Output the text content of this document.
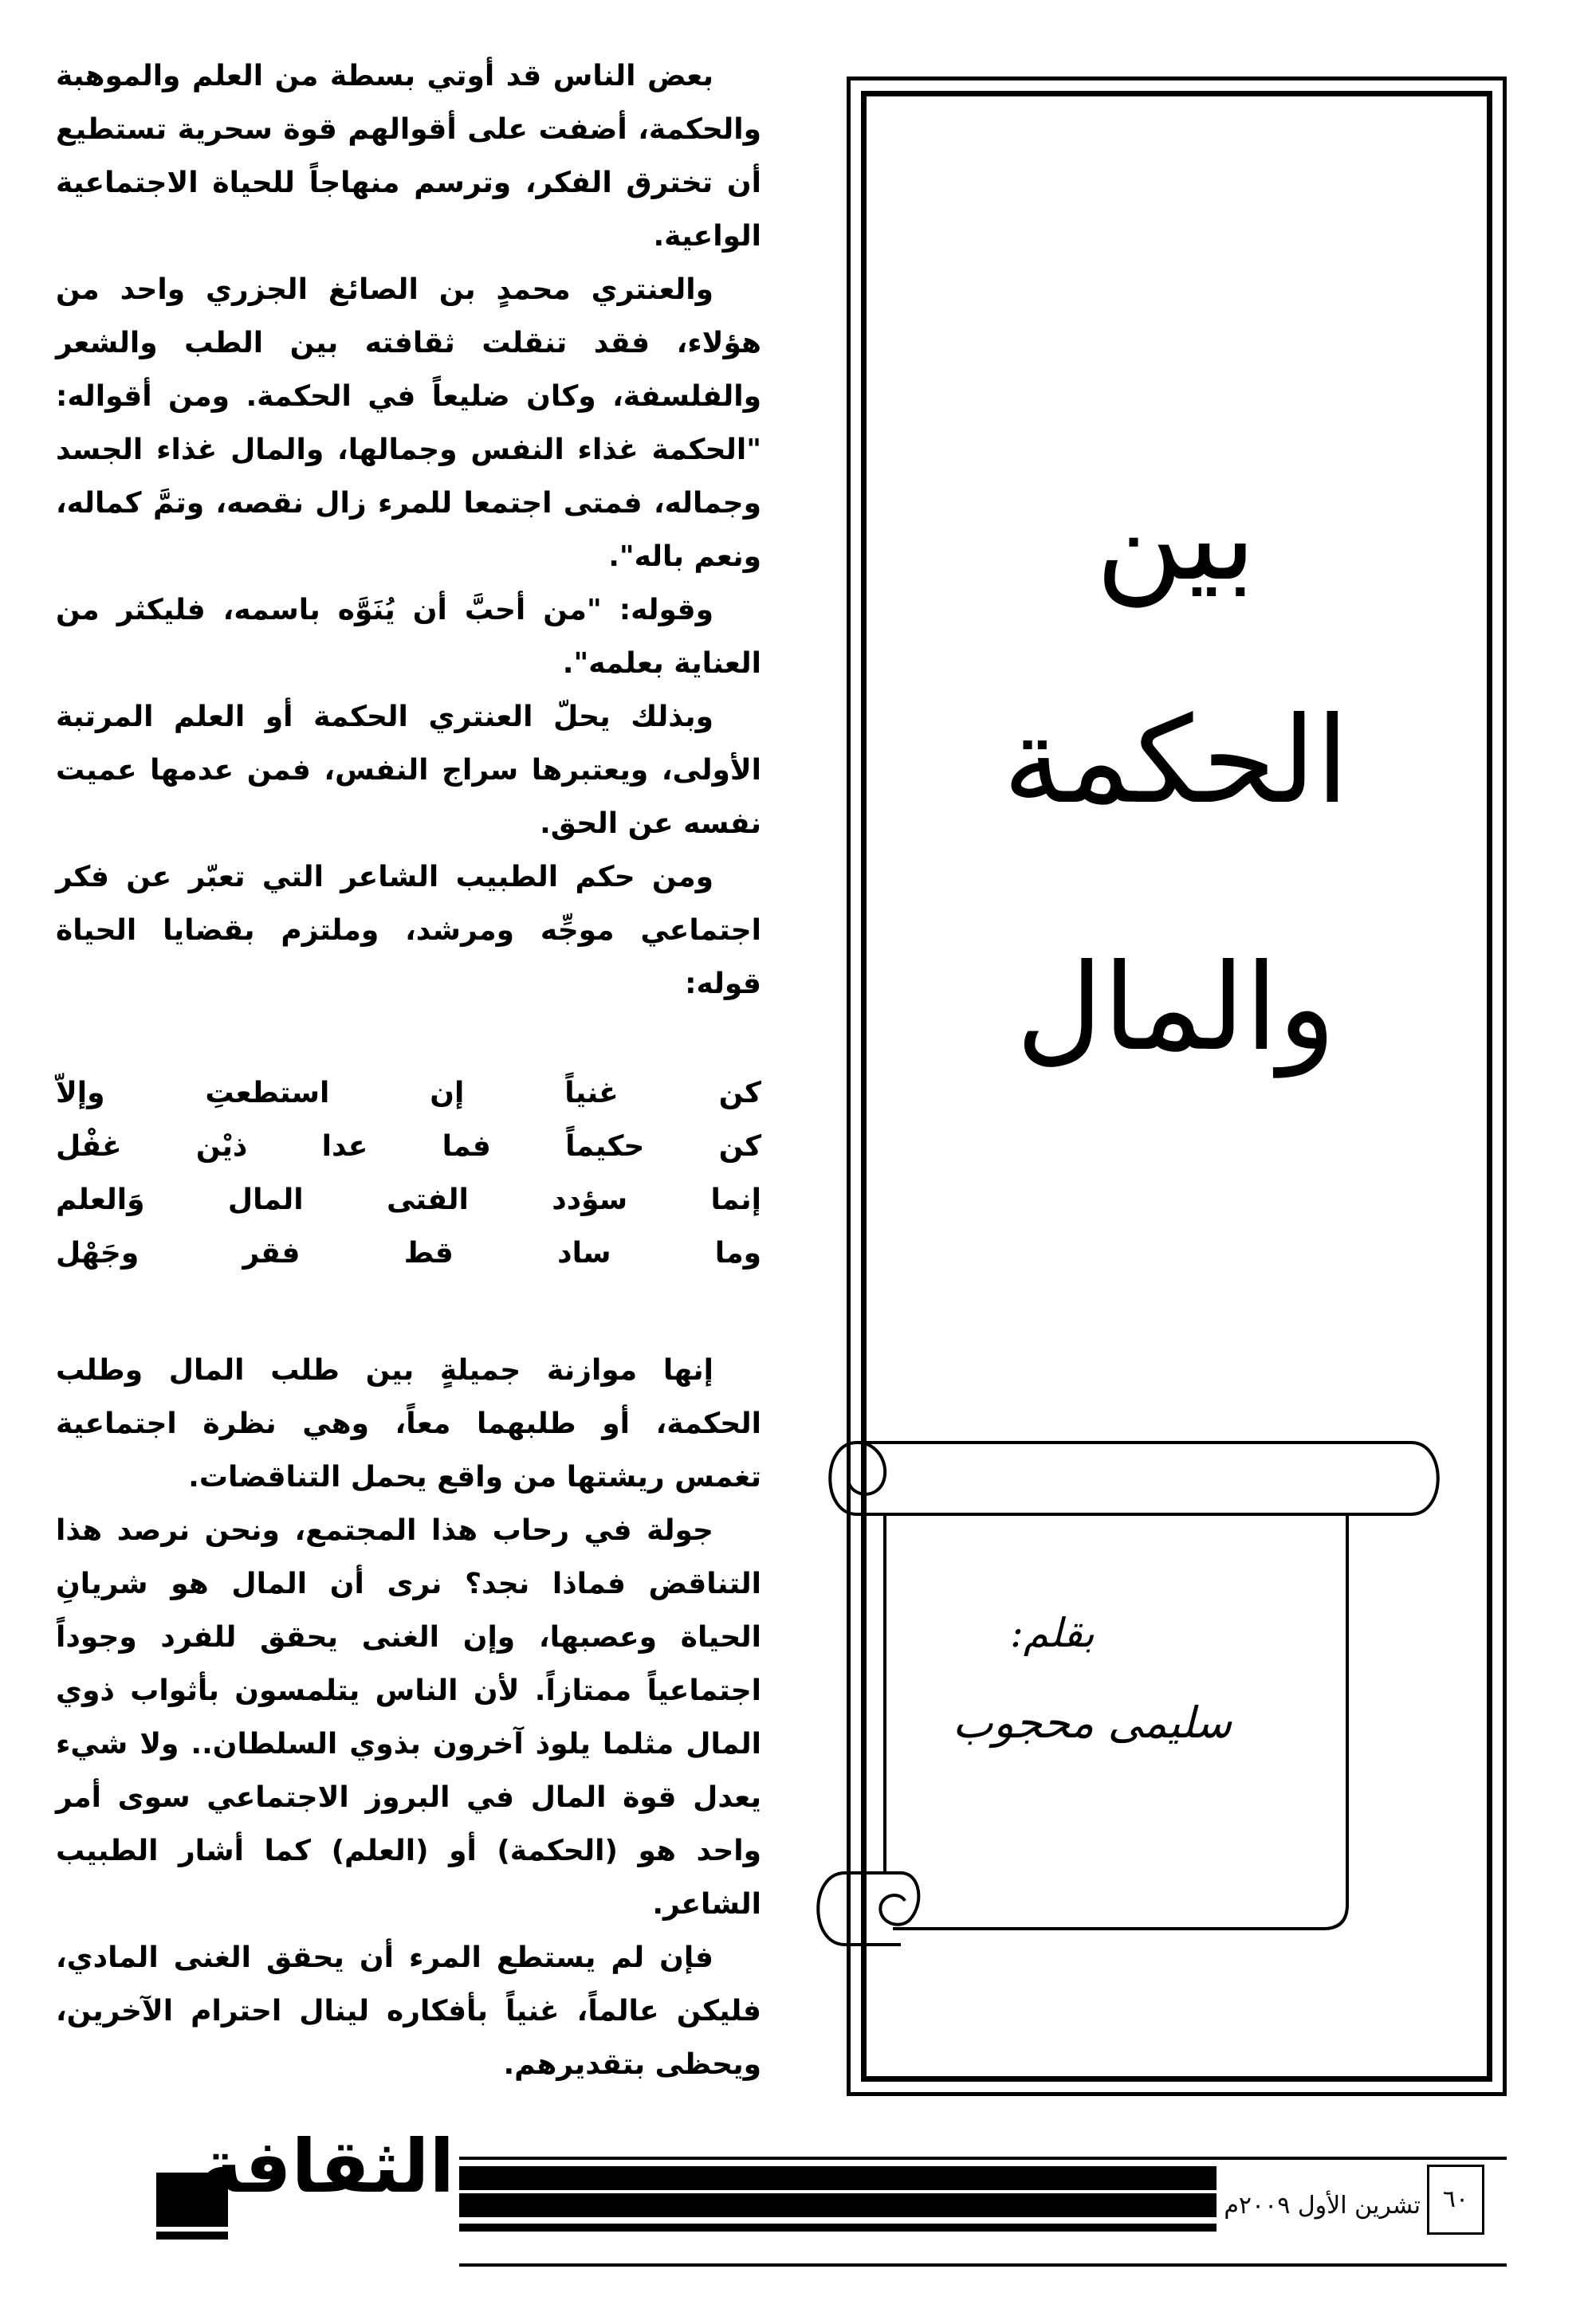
بين
الحكمة
والمال
بقلم:
سليمى محجوب

بعض الناس قد أوتي بسطة من العلم والموهبة والحكمة، أضفت على أقوالهم قوة سحرية تستطيع أن تخترق الفكر، وترسم منهاجاً للحياة الاجتماعية الواعية.

والعنتري محمدٍ بن الصائغ الجزري واحد من هؤلاء، فقد تنقلت ثقافته بين الطب والشعر والفلسفة، وكان ضليعاً في الحكمة. ومن أقواله: "الحكمة غذاء النفس وجمالها، والمال غذاء الجسد وجماله، فمتى اجتمعا للمرء زال نقصه، وتمَّ كماله، ونعم باله".

وقوله: "من أحبَّ أن يُنَوَّه باسمه، فليكثر من العناية بعلمه".

وبذلك يحلّ العنتري الحكمة أو العلم المرتبة الأولى، ويعتبرها سراج النفس، فمن عدمها عميت نفسه عن الحق.

ومن حكم الطبيب الشاعر التي تعبّر عن فكر اجتماعي موجِّه ومرشد، وملتزم بقضايا الحياة قوله:

كن غنياً إن استطعتِ وإلاّ
كن حكيماً فما عدا ذيْن غفْل
إنما سؤدد الفتى المال وَالعلم
وما ساد قط فقر وجَهْل

إنها موازنة جميلةٍ بين طلب المال وطلب الحكمة، أو طلبهما معاً، وهي نظرة اجتماعية تغمس ريشتها من واقع يحمل التناقضات.

جولة في رحاب هذا المجتمع، ونحن نرصد هذا التناقض فماذا نجد؟ نرى أن المال هو شريانِ الحياة وعصبها، وإن الغنى يحقق للفرد وجوداً اجتماعياً ممتازاً. لأن الناس يتلمسون بأثواب ذوي المال مثلما يلوذ آخرون بذوي السلطان.. ولا شيء يعدل قوة المال في البروز الاجتماعي سوى أمر واحد هو (الحكمة) أو (العلم) كما أشار الطبيب الشاعر.

فإن لم يستطع المرء أن يحقق الغنى المادي، فليكن عالماً، غنياً بأفكاره لينال احترام الآخرين، ويحظى بتقديرهم.

الثقافة	تشرين الأول ٢٠٠٩م ٦٠
